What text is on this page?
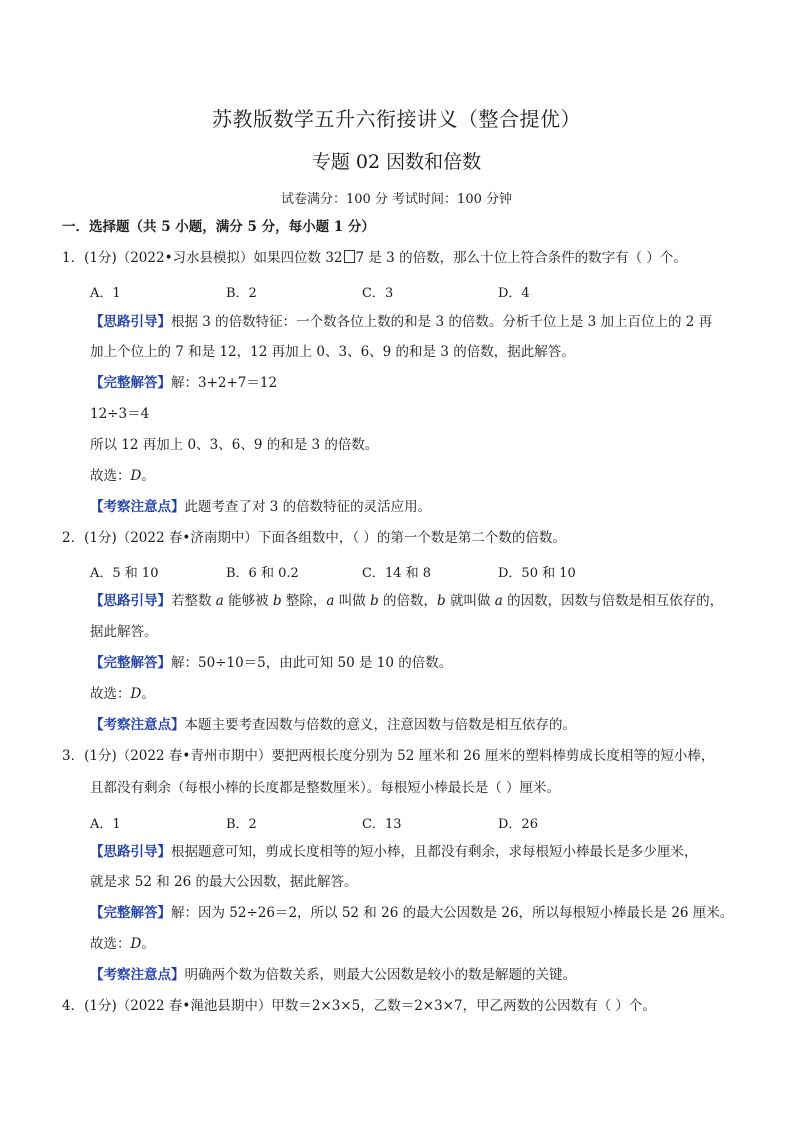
苏教版数学五升六衔接讲义（整合提优）
专题 02 因数和倍数
试卷满分：100 分 考试时间：100 分钟
一．选择题（共 5 小题，满分 5 分，每小题 1 分）
1．(1分)（2022•习水县模拟）如果四位数 32 7 是 3 的倍数，那么十位上符合条件的数字有（ ）个。
A．1	B．2	C．3	D．4
【思路引导】根据 3 的倍数特征：一个数各位上数的和是 3 的倍数。分析千位上是 3 加上百位上的 2 再
加上个位上的 7 和是 12，12 再加上 0、3、6、9 的和是 3 的倍数，据此解答。
【完整解答】解：3+2+7＝12
12÷3＝4
所以 12 再加上 0、3、6、9 的和是 3 的倍数。
故选：D。
【考察注意点】此题考查了对 3 的倍数特征的灵活应用。
2．(1分)（2022 春•济南期中）下面各组数中，（ ）的第一个数是第二个数的倍数。
A．5 和 10	B．6 和 0.2	C．14 和 8	D．50 和 10
【思路引导】若整数 a 能够被 b 整除，a 叫做 b 的倍数，b 就叫做 a 的因数，因数与倍数是相互依存的，
据此解答。
【完整解答】解：50÷10＝5，由此可知 50 是 10 的倍数。
故选：D。
【考察注意点】本题主要考查因数与倍数的意义，注意因数与倍数是相互依存的。
3．(1分)（2022 春•青州市期中）要把两根长度分别为 52 厘米和 26 厘米的塑料棒剪成长度相等的短小棒，
且都没有剩余（每根小棒的长度都是整数厘米）。每根短小棒最长是（ ）厘米。
A．1	B．2	C．13	D．26
【思路引导】根据题意可知，剪成长度相等的短小棒，且都没有剩余，求每根短小棒最长是多少厘米，
就是求 52 和 26 的最大公因数，据此解答。
【完整解答】解：因为 52÷26＝2，所以 52 和 26 的最大公因数是 26，所以每根短小棒最长是 26 厘米。
故选：D。
【考察注意点】明确两个数为倍数关系，则最大公因数是较小的数是解题的关键。
4．(1分)（2022 春•渑池县期中）甲数＝2×3×5，乙数＝2×3×7，甲乙两数的公因数有（ ）个。
